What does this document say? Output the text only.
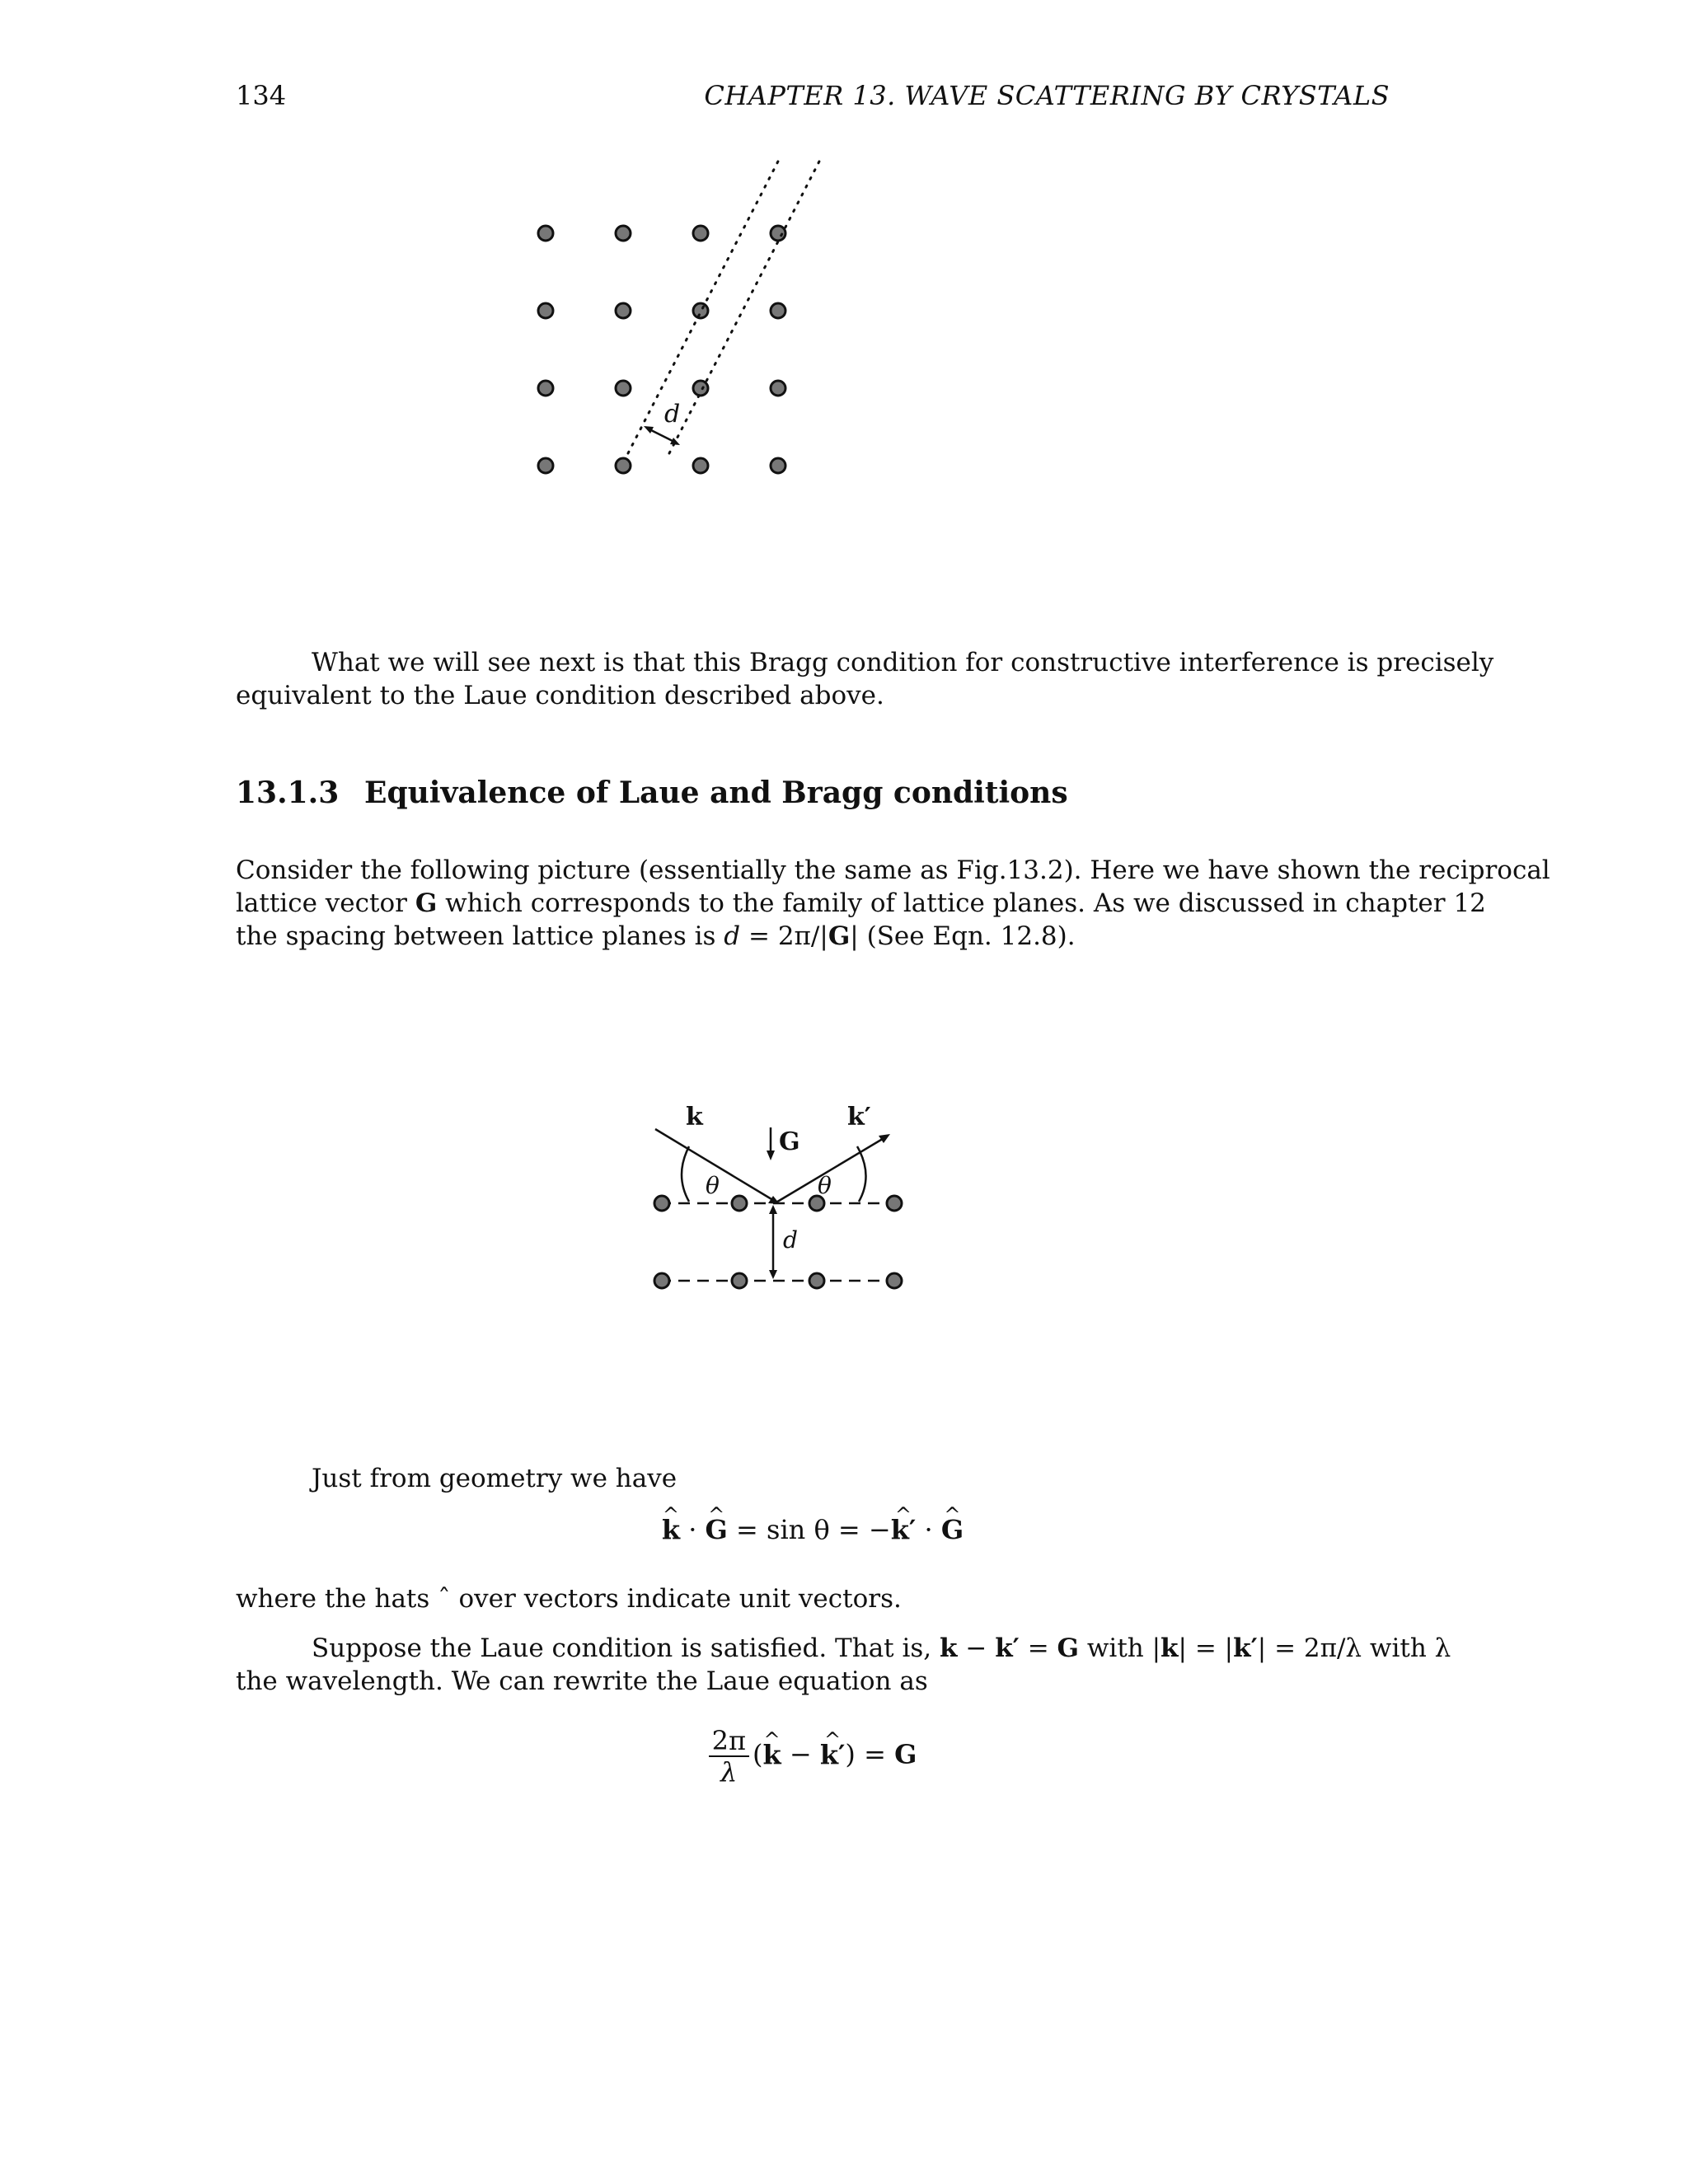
134	CHAPTER 13. WAVE SCATTERING BY CRYSTALS
d
What we will see next is that this Bragg condition for constructive interference is precisely
equivalent to the Laue condition described above.
13.1.3 Equivalence of Laue and Bragg conditions
Consider the following picture (essentially the same as Fig.13.2). Here we have shown the reciprocal
lattice vector G which corresponds to the family of lattice planes. As we discussed in chapter 12
the spacing between lattice planes is d = 2π/|G| (See Eqn. 12.8).
k
G
k′
θ	θ
d
Just from geometry we have
k ^ · G ^ = sin θ = −k′ ^ · G ^
where the hats ˆ over vectors indicate unit vectors.
Suppose the Laue condition is satisfied. That is, k − k′ = G with |k| = |k′| = 2π/λ with λ
the wavelength. We can rewrite the Laue equation as
$\frac{2\pi}{\lambda} (k$ ^ − k′ ^) = G
